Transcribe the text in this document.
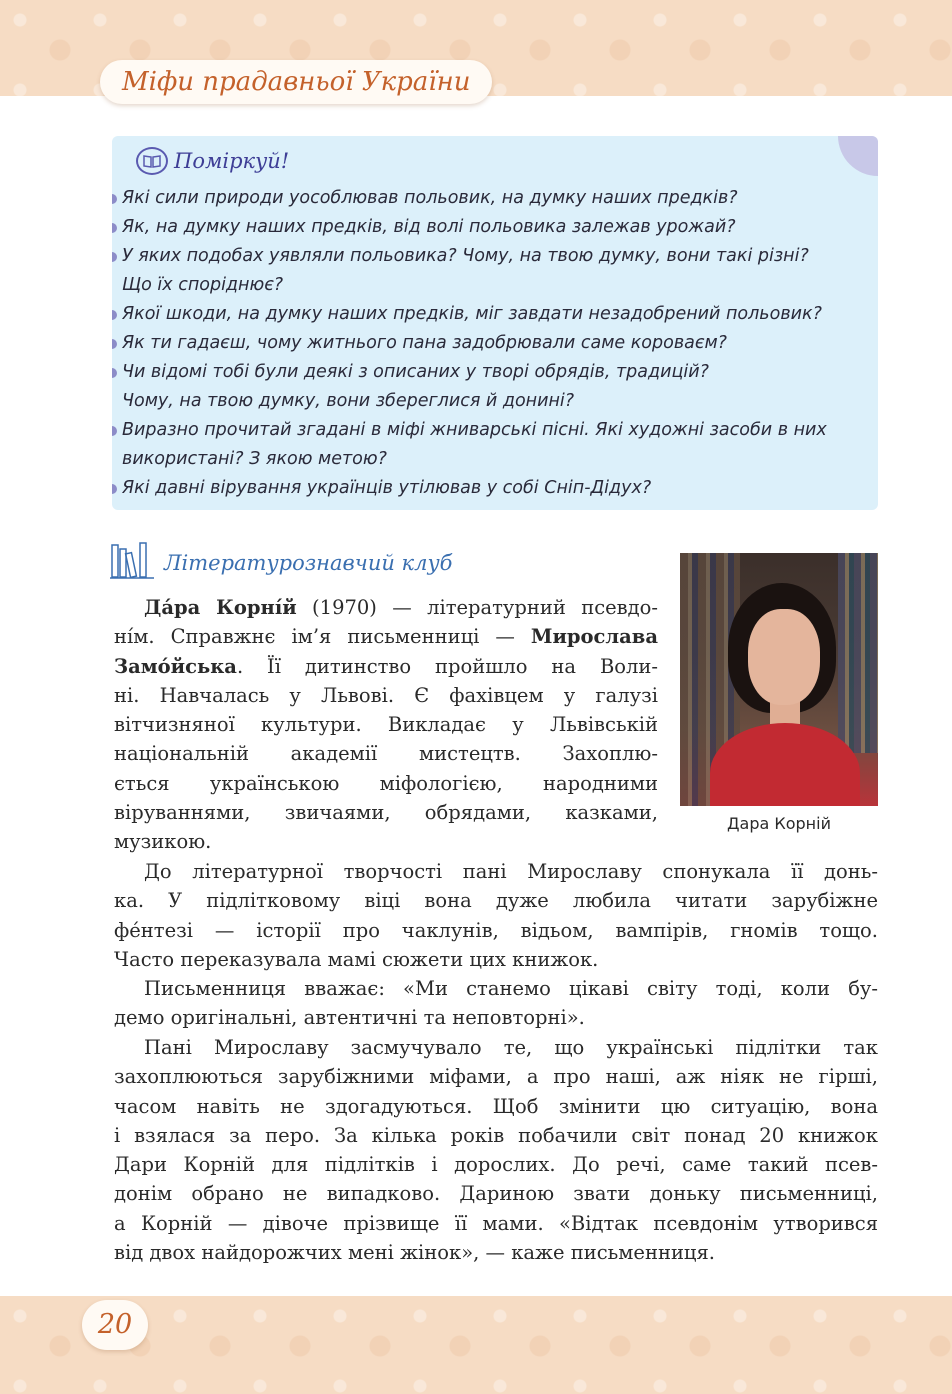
Міфи прадавньої України
20
Поміркуй!
Які сили природи уособлював польовик, на думку наших предків?
Як, на думку наших предків, від волі польовика залежав урожай?
У яких подобах уявляли польовика? Чому, на твою думку, вони такі різні?
Що їх споріднює?
Якої шкоди, на думку наших предків, міг завдати незадобрений польовик?
Як ти гадаєш, чому житнього пана задобрювали саме короваєм?
Чи відомі тобі були деякі з описаних у творі обрядів, традицій?
Чому, на твою думку, вони збереглися й донині?
Виразно прочитай згадані в міфі жниварські пісні. Які художні засоби в них
використані? З якою метою?
Які давні вірування українців утілював у собі Сніп-Дідух?
Літературознавчий клуб
Дара Корній
Да́ра Корні́й (1970) — літературний псевдо-
ні́м. Справжнє ім’я письменниці — Мирослава
Замо́йська. Її дитинство пройшло на Воли-
ні. Навчалась у Львові. Є фахівцем у галузі
вітчизняної культури. Викладає у Львівській
національній академії мистецтв. Захоплю-
ється українською міфологією, народними
віруваннями, звичаями, обрядами, казками,
музикою.
До літературної творчості пані Мирославу спонукала її донь-
ка. У підлітковому віці вона дуже любила читати зарубіжне
фе́нтезі — історії про чаклунів, відьом, вампірів, гномів тощо.
Часто переказувала мамі сюжети цих книжок.
Письменниця вважає: «Ми станемо цікаві світу тоді, коли бу-
демо оригінальні, автентичні та неповторні».
Пані Мирославу засмучувало те, що українські підлітки так
захоплюються зарубіжними міфами, а про наші, аж ніяк не гірші,
часом навіть не здогадуються. Щоб змінити цю ситуацію, вона
і взялася за перо. За кілька років побачили світ понад 20 книжок
Дари Корній для підлітків і дорослих. До речі, саме такий псев-
донім обрано не випадково. Дариною звати доньку письменниці,
а Корній — дівоче прізвище її мами. «Відтак псевдонім утворився
від двох найдорожчих мені жінок», — каже письменниця.
